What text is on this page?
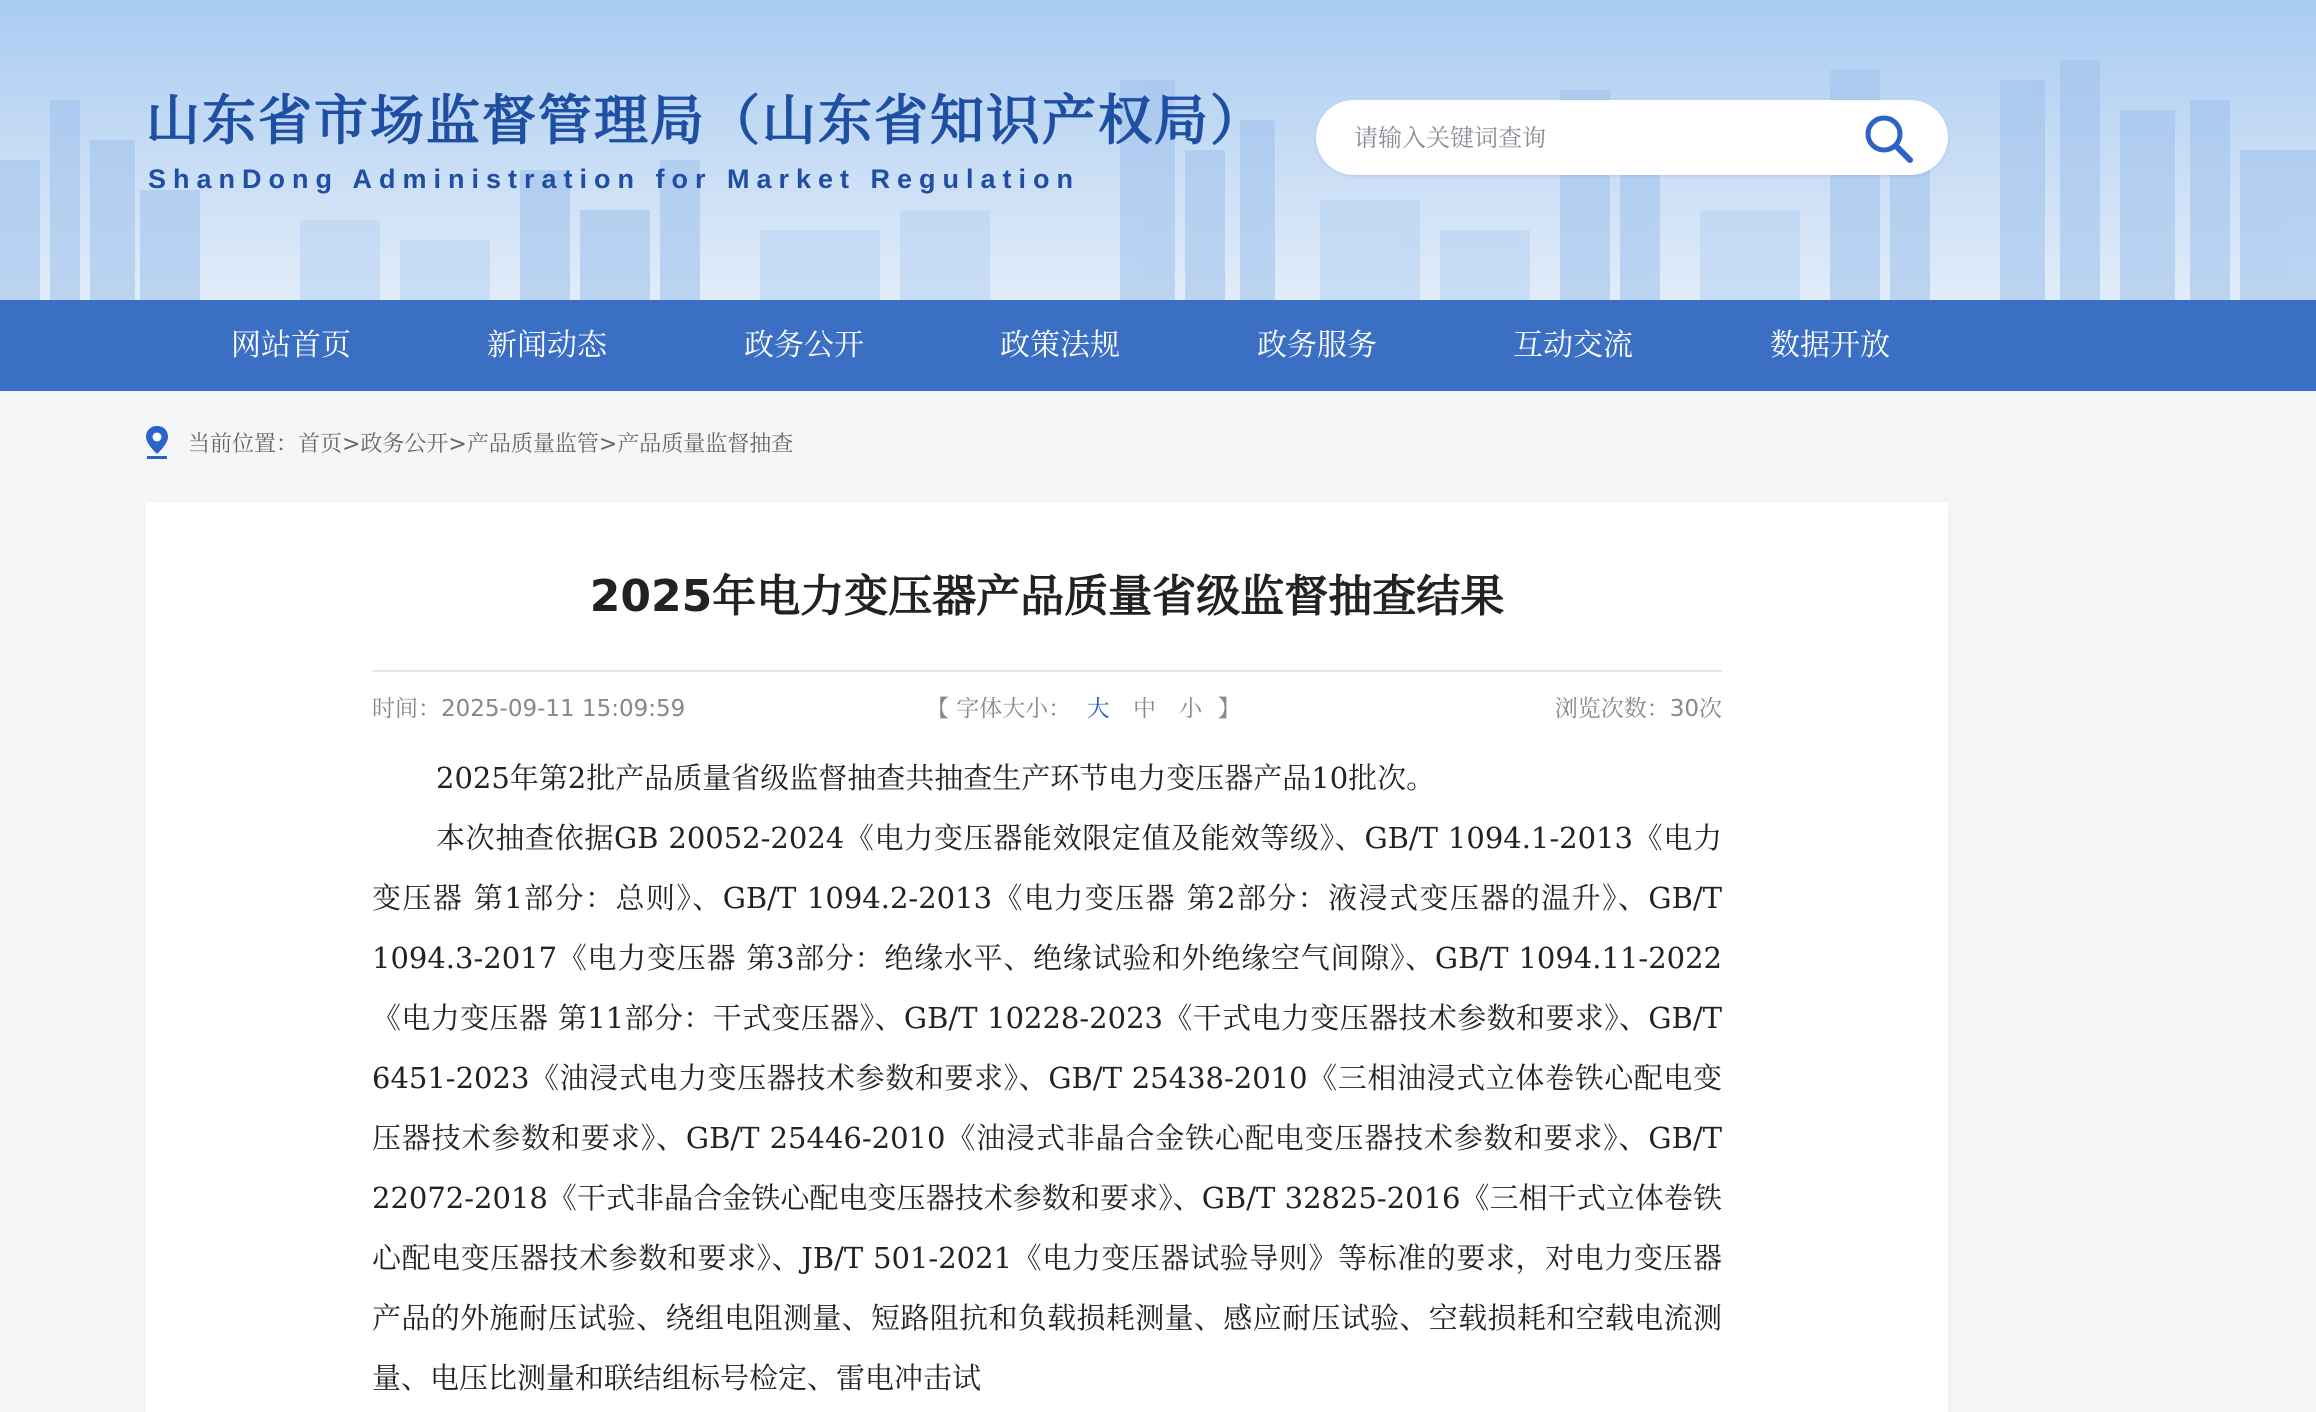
山东省市场监督管理局（山东省知识产权局）
ShanDong Administration for Market Regulation
请输入关键词查询
网站首页	新闻动态	政务公开	政策法规	政务服务	互动交流	数据开放
当前位置：首页>政务公开>产品质量监管>产品质量监督抽查
2025年电力变压器产品质量省级监督抽查结果
时间：2025-09-11 15:09:59	【 字体大小： 大 中 小 】	浏览次数：30次

2025年第2批产品质量省级监督抽查共抽查生产环节电力变压器产品10批次。

本次抽查依据GB 20052-2024《电力变压器能效限定值及能效等级》、GB/T 1094.1-2013《电力变压器 第1部分：总则》、GB/T 1094.2-2013《电力变压器 第2部分：液浸式变压器的温升》、GB/T 1094.3-2017《电力变压器 第3部分：绝缘水平、绝缘试验和外绝缘空气间隙》、GB/T 1094.11-2022《电力变压器 第11部分：干式变压器》、GB/T 10228-2023《干式电力变压器技术参数和要求》、GB/T 6451-2023《油浸式电力变压器技术参数和要求》、GB/T 25438-2010《三相油浸式立体卷铁心配电变压器技术参数和要求》、GB/T 25446-2010《油浸式非晶合金铁心配电变压器技术参数和要求》、GB/T 22072-2018《干式非晶合金铁心配电变压器技术参数和要求》、GB/T 32825-2016《三相干式立体卷铁心配电变压器技术参数和要求》、JB/T 501-2021《电力变压器试验导则》等标准的要求，对电力变压器产品的外施耐压试验、绕组电阻测量、短路阻抗和负载损耗测量、感应耐压试验、空载损耗和空载电流测量、电压比测量和联结组标号检定、雷电冲击试
